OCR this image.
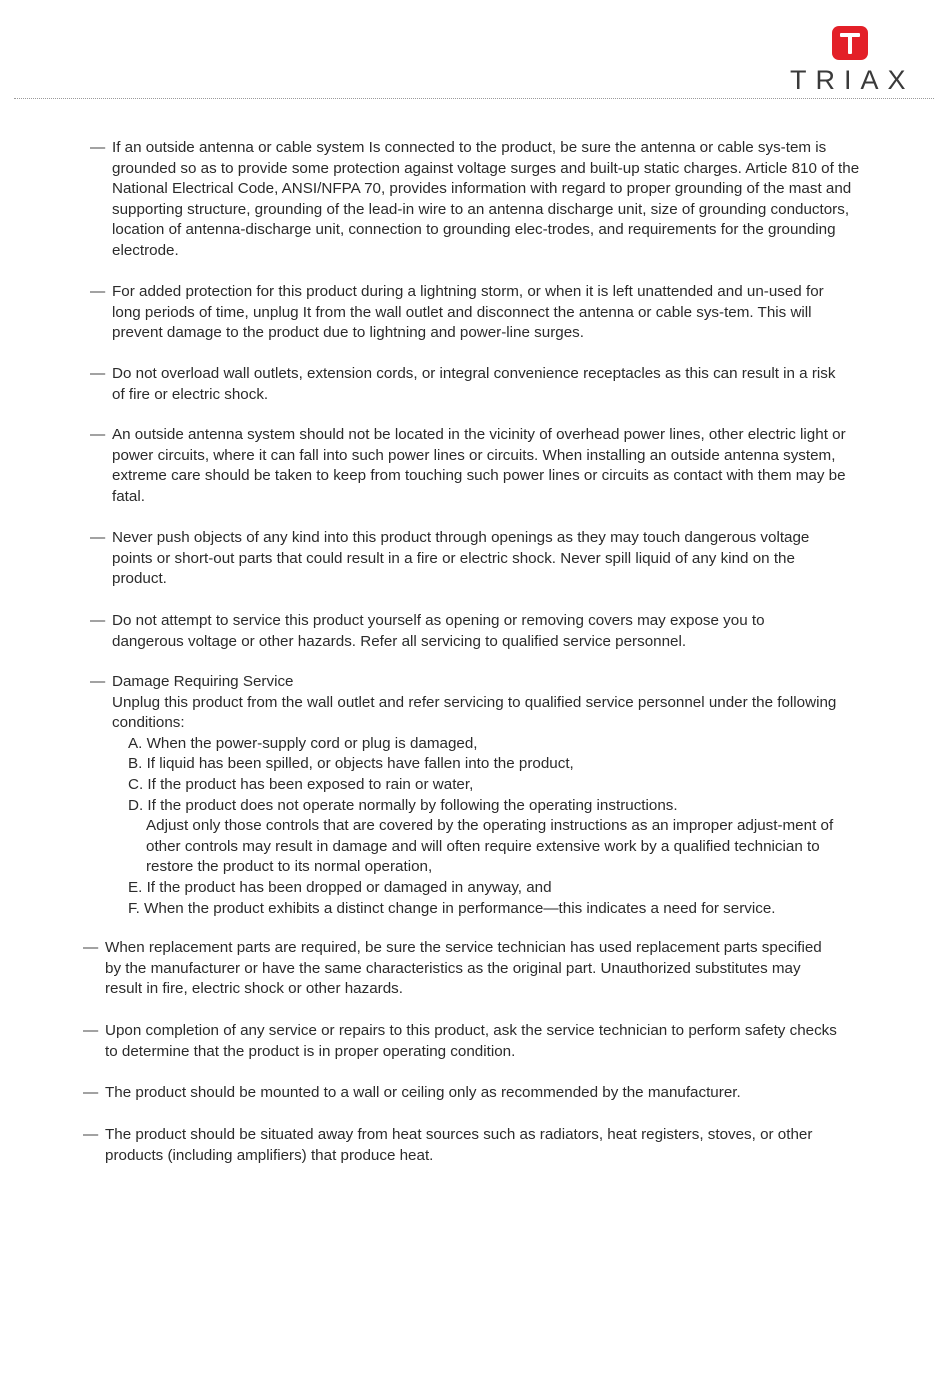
TRIAX
— If an outside antenna or cable system Is connected to the product, be sure the antenna or cable sys-tem is grounded so as to provide some protection against voltage surges and built-up static charges. Article 810 of the National Electrical Code, ANSI/NFPA 70, provides information with regard to proper grounding of the mast and supporting structure, grounding of the lead-in wire to an antenna discharge unit, size of grounding conductors, location of antenna-discharge unit, connection to grounding elec-trodes, and requirements for the grounding electrode.

— For added protection for this product during a lightning storm, or when it is left unattended and un-used for long periods of time, unplug It from the wall outlet and disconnect the antenna or cable sys-tem. This will prevent damage to the product due to lightning and power-line surges.

— Do not overload wall outlets, extension cords, or integral convenience receptacles as this can result in a risk of fire or electric shock.

— An outside antenna system should not be located in the vicinity of overhead power lines, other electric light or power circuits, where it can fall into such power lines or circuits. When installing an outside antenna system, extreme care should be taken to keep from touching such power lines or circuits as contact with them may be fatal.

— Never push objects of any kind into this product through openings as they may touch dangerous voltage points or short-out parts that could result in a fire or electric shock. Never spill liquid of any kind on the product.

— Do not attempt to service this product yourself as opening or removing covers may expose you to dangerous voltage or other hazards. Refer all servicing to qualified service personnel.

— Damage Requiring Service

Unplug this product from the wall outlet and refer servicing to qualified service personnel under the following conditions:

A. When the power-supply cord or plug is damaged,

B. If liquid has been spilled, or objects have fallen into the product,

C. If the product has been exposed to rain or water,

D. If the product does not operate normally by following the operating instructions.

Adjust only those controls that are covered by the operating instructions as an improper adjust-ment of other controls may result in damage and will often require extensive work by a qualified technician to restore the product to its normal operation,

E. If the product has been dropped or damaged in anyway, and

F. When the product exhibits a distinct change in performance—this indicates a need for service.

— When replacement parts are required, be sure the service technician has used replacement parts specified by the manufacturer or have the same characteristics as the original part. Unauthorized substitutes may result in fire, electric shock or other hazards.

— Upon completion of any service or repairs to this product, ask the service technician to perform safety checks to determine that the product is in proper operating condition.

— The product should be mounted to a wall or ceiling only as recommended by the manufacturer.

— The product should be situated away from heat sources such as radiators, heat registers, stoves, or other products (including amplifiers) that produce heat.
